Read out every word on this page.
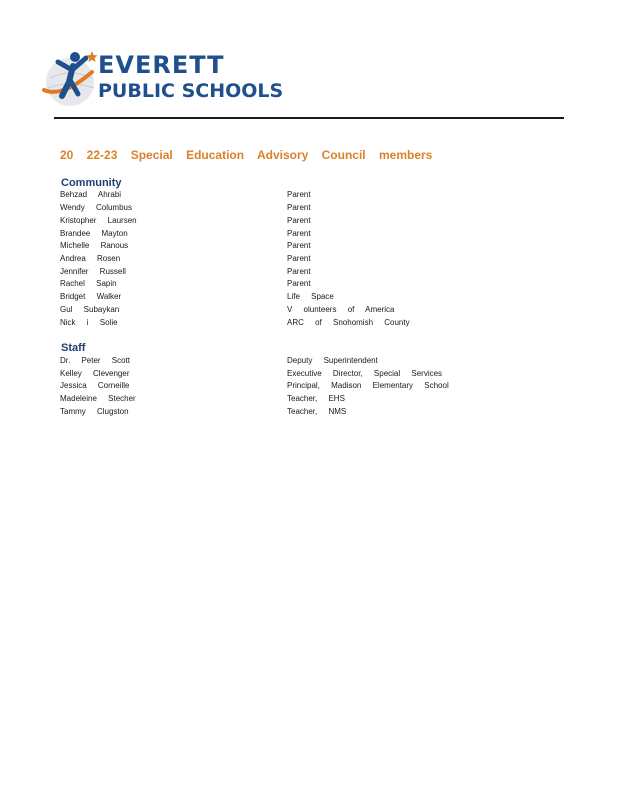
EVERETT
PUBLIC SCHOOLS
20 22-23 Special Education Advisory Council members
Community
Behzad Ahrabi	Parent
Wendy Columbus	Parent
Kristopher Laursen	Parent
Brandee Mayton	Parent
Michelle Ranous	Parent
Andrea Rosen	Parent
Jennifer Russell	Parent
Rachel Sapin	Parent
Bridget Walker	Life Space
Gul Subaykan	V olunteers of America
Nick i Solie	ARC of Snohomish County
Staff
Dr. Peter Scott	Deputy Superintendent
Kelley Clevenger	Executive Director, Special Services
Jessica Corneille	Principal, Madison Elementary School
Madeleine Stecher	Teacher, EHS
Tammy Clugston	Teacher, NMS
